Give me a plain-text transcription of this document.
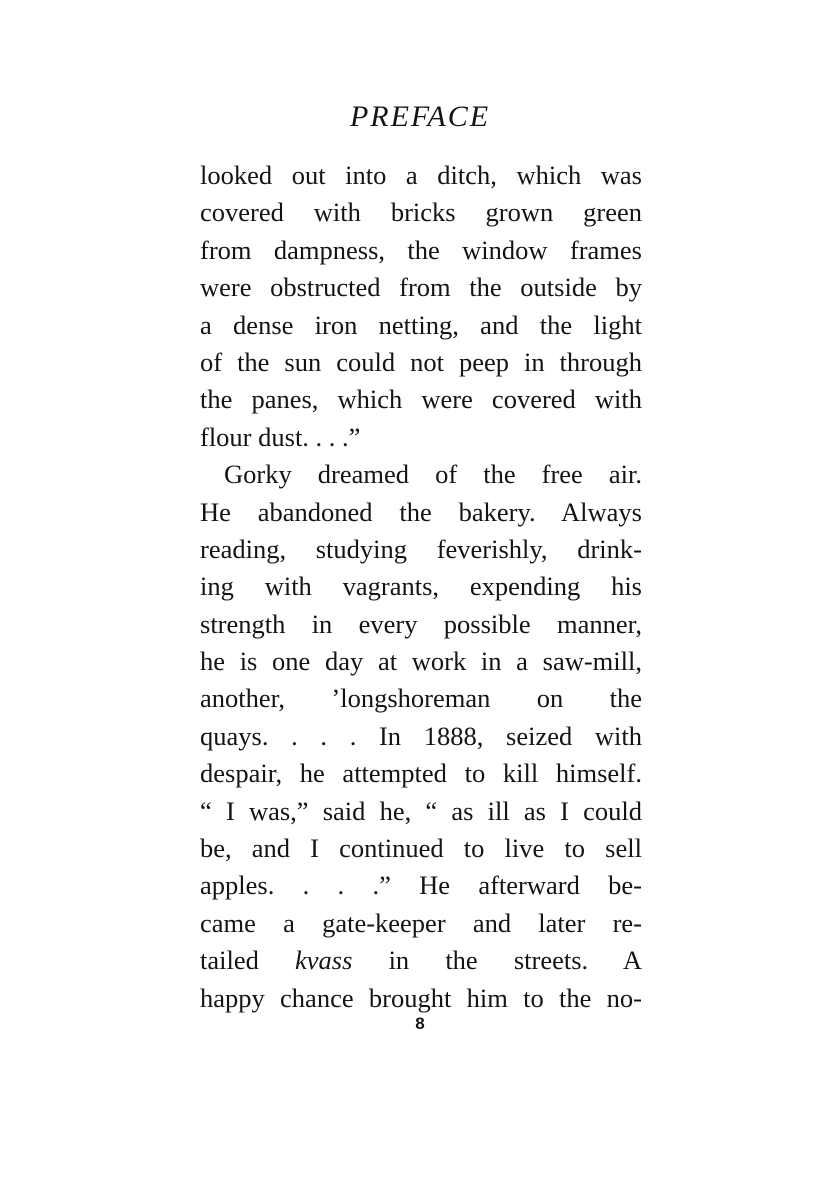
PREFACE
looked out into a ditch, which was
covered with bricks grown green
from dampness, the window frames
were obstructed from the outside by
a dense iron netting, and the light
of the sun could not peep in through
the panes, which were covered with
flour dust. . . .”
Gorky dreamed of the free air.
He abandoned the bakery. Always
reading, studying feverishly, drink-
ing with vagrants, expending his
strength in every possible manner,
he is one day at work in a saw-mill,
another, ’longshoreman on the
quays. . . . In 1888, seized with
despair, he attempted to kill himself.
“ I was,” said he, “ as ill as I could
be, and I continued to live to sell
apples. . . .” He afterward be-
came a gate-keeper and later re-
tailed kvass in the streets. A
happy chance brought him to the no-
8
